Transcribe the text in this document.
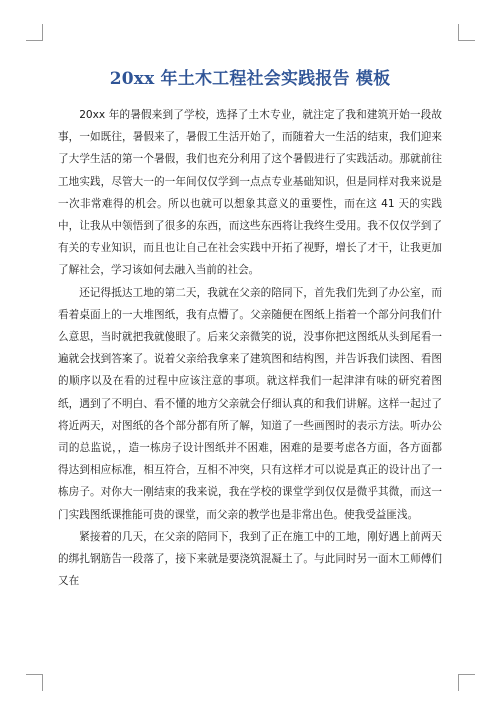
20xx 年土木工程社会实践报告 模板

20xx 年的暑假来到了学校，选择了土木专业，就注定了我和建筑开始一段故事，一如既往，暑假来了，暑假工生活开始了，而随着大一生活的结束，我们迎来了大学生活的第一个暑假，我们也充分利用了这个暑假进行了实践活动。那就前往工地实践，尽管大一的一年间仅仅学到一点点专业基础知识，但是同样对我来说是一次非常难得的机会。所以也就可以想象其意义的重要性，而在这 41 天的实践中，让我从中领悟到了很多的东西，而这些东西将让我终生受用。我不仅仅学到了有关的专业知识，而且也让自己在社会实践中开拓了视野，增长了才干，让我更加了解社会，学习该如何去融入当前的社会。

还记得抵达工地的第二天，我就在父亲的陪同下，首先我们先到了办公室，而看着桌面上的一大堆图纸，我有点懵了。父亲随便在图纸上指着一个部分问我们什么意思，当时就把我就傻眼了。后来父亲微笑的说，没事你把这图纸从头到尾看一遍就会找到答案了。说着父亲给我拿来了建筑图和结构图，并告诉我们读图、看图的顺序以及在看的过程中应该注意的事项。就这样我们一起津津有味的研究着图纸，遇到了不明白、看不懂的地方父亲就会仔细认真的和我们讲解。这样一起过了将近两天，对图纸的各个部分都有所了解，知道了一些画图时的表示方法。听办公司的总监说，，造一栋房子设计图纸并不困难，困难的是要考虑各方面，各方面都得达到相应标准，相互符合，互相不冲突，只有这样才可以说是真正的设计出了一栋房子。对你大一刚结束的我来说，我在学校的课堂学到仅仅是微乎其微，而这一门实践图纸课推能可贵的课堂，而父亲的教学也是非常出色。使我受益匪浅。

紧接着的几天，在父亲的陪同下，我到了正在施工中的工地，刚好遇上前两天的绑扎钢筋告一段落了，接下来就是要浇筑混凝土了。与此同时另一面木工师傅们又在
